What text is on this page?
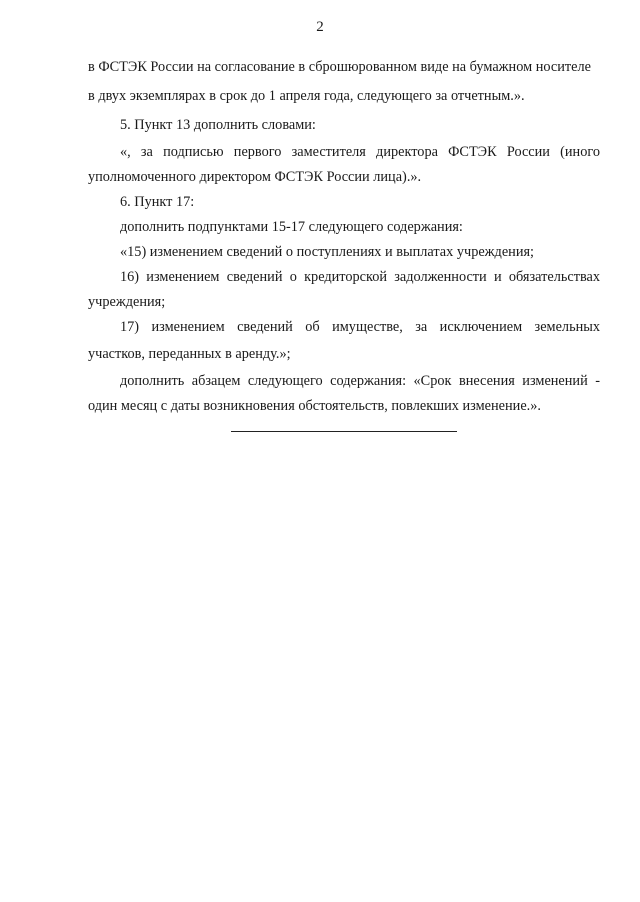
2
в ФСТЭК России на согласование в сброшюрованном виде на бумажном носителе
в двух экземплярах в срок до 1 апреля года, следующего за отчетным.».
5. Пункт 13 дополнить словами:
«, за подписью первого заместителя директора ФСТЭК России (иного
уполномоченного директором ФСТЭК России лица).».
6. Пункт 17:
дополнить подпунктами 15-17 следующего содержания:
«15) изменением сведений о поступлениях и выплатах учреждения;
16) изменением сведений о кредиторской задолженности и обязательствах
учреждения;
17) изменением сведений об имуществе, за исключением земельных
участков, переданных в аренду.»;
дополнить абзацем следующего содержания: «Срок внесения изменений -
один месяц с даты возникновения обстоятельств, повлекших изменение.».
